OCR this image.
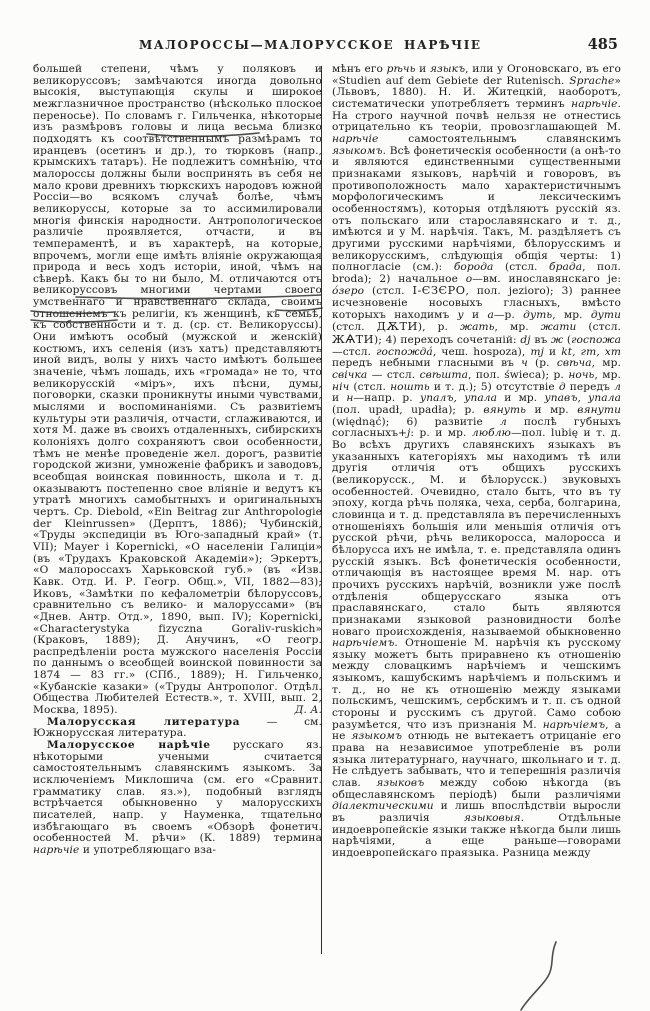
МАЛОРОССЫ—МАЛОРУССКОЕ НАРѢЧІЕ	485

большей степени, чѣмъ у поляковъ и великоруссовъ; замѣчаются иногда довольно высокія, выступающія скулы и широкое межглазничное пространство (нѣсколько плоское переносье). По словамъ г. Гильченка, нѣкоторые изъ размѣровъ головы и лица весьма близко подходятъ къ соотвѣтственнымъ размѣрамъ то иранцевъ (осетинъ и др.), то тюрковъ (напр., крымскихъ татаръ). Не подлежитъ сомнѣнію, что малороссы должны были воспринять въ себя не мало крови древнихъ тюркскихъ народовъ южной Россіи—во всякомъ случаѣ болѣе, чѣмъ великоруссы, которые за то ассимилировали многія финскія народности. Антропологическое различіе проявляется, отчасти, и въ темпераментѣ, и въ характерѣ, на которые, впрочемъ, могли еще имѣть вліяніе окружающая природа и весь ходъ исторіи, иной, чѣмъ на сѣверѣ. Какъ бы то ни было, М. отличаются отъ великоруссовъ многими чертами своего умственнаго и нравственнаго склада, своимъ отношеніемъ къ религіи, къ женщинѣ, къ семьѣ, къ собственности и т. д. (ср. ст. Великоруссы). Они имѣютъ особый (мужской и женскій) костюмъ, ихъ селенія (изъ хатъ) представляютъ иной видъ, волы у нихъ часто имѣютъ большее значеніе, чѣмъ лошадь, ихъ «громада» не то, что великорусскій «міръ», ихъ пѣсни, думы, поговорки, сказки проникнуты иными чувствами, мыслями и воспоминаніями. Съ развитіемъ культуры эти различія, отчасти, сглаживаются, и хотя М. даже въ своихъ отдаленныхъ, сибирскихъ колоніяхъ долго сохраняютъ свои особенности, тѣмъ не менѣе проведеніе жел. дорогъ, развитіе городской жизни, умноженіе фабрикъ и заводовъ, всеобщая воинская повинность, школа и т. д. оказываютъ постепенно свое вліяніе и ведутъ къ утратѣ многихъ самобытныхъ и оригинальныхъ чертъ. Ср. Diebold, «Ein Beitrag zur Anthropologie der Kleinrussen» (Дерптъ, 1886); Чубинскій, «Труды экспедиціи въ Юго-западный край» (т. VII); Mayer i Kopernicki, «О населеніи Галиціи» (въ «Трудахъ Краковской Академіи»); Эркертъ, «О малороссахъ Харьковской губ.» (въ «Изв. Кавк. Отд. И. Р. Геогр. Общ.», VII, 1882—83); Иковъ, «Замѣтки по кефалометріи бѣлоруссовъ, сравнительно съ велико- и малоруссами» (въ «Днев. Антр. Отд.», 1890, вып. IV); Kopernicki, «Characterystyka fizyczna Goraliv-ruskich» (Краковъ, 1889); Д. Анучинъ, «О геогр. распредѣленіи роста мужского населенія Россіи по даннымъ о всеобщей воинской повинности за 1874 — 83 гг.» (СПб., 1889); Н. Гильченко, «Кубанскіе казаки» («Труды Антрополог. Отдѣл. Общества Любителей Естеств.», т. XVIII, вып. 2, Москва, 1895).	Д. А.

Малорусская литература — см. Южнорусская литература.

Малорусское нарѣчіе русскаго яз. нѣкоторыми учеными считается самостоятельнымъ славянскимъ языкомъ. За исключеніемъ Миклошича (см. его «Сравнит. грамматику слав. яз.»), подобный взглядъ встрѣчается обыкновенно у малорусскихъ писателей, напр. у Науменка, тщательно избѣгающаго въ своемъ «Обзорѣ фонетич. особенностей М. рѣчи» (К. 1889) термина нарѣчіе и употребляющаго вза-

мѣнъ его рѣчь и языкъ, или у Огоновскаго, въ его «Studien auf dem Gebiete der Rutenisch. Sprache» (Львовъ, 1880). Н. И. Житецкій, наоборотъ, систематически употребляетъ терминъ нарѣчіе. На строго научной почвѣ нельзя не отнестись отрицательно къ теоріи, провозглашающей М. нарѣчіе самостоятельнымъ славянскимъ языкомъ. Всѣ фонетическія особенности (а онѣ-то и являются единственными существенными признаками языковъ, нарѣчій и говоровъ, въ противоположность мало характеристичнымъ морфологическимъ и лексическимъ особенностямъ), которыя отдѣляютъ русскій яз. отъ польскаго или старославянскаго и т. д., имѣются и у М. нарѣчія. Такъ, М. раздѣляетъ съ другими русскими нарѣчіями, бѣлорусскимъ и великорусскимъ, слѣдующія общія черты: 1) полногласіе (см.): борода (стсл. брада, пол. broda); 2) начальное о—вм. инославянскаго je: о́зеро (стсл. І-ЄЗЄРО, пол. jezioro); 3) раннее исчезновеніе носовыхъ гласныхъ, вмѣсто которыхъ находимъ у и а—р. дуть, мр. дути (стсл. ДѪТИ), р. жать, мр. жати (стсл. ЖѦТИ); 4) переходъ сочетаній: dj въ ж (госпожа—стсл. госпожда́, чеш. hospoza), тj и kt, гт, хт передъ небными гласными въ ч (р. свѣча, мр. свічка — стсл. свѣшта, пол. świeca); р. ночь, мр. ніч (стсл. ношть и т. д.); 5) отсутствіе д передъ л и н—напр. р. упалъ, упала и мр. упавъ, упала (пол. upadł, upadła); р. вянуть и мр. вянути (więdnąć); 6) развитіе л послѣ губныхъ согласныхъ+j: р. и мр. люблю—пол. lubię и т. д. Во всѣхъ другихъ славянскихъ языкахъ въ указанныхъ категоріяхъ мы находимъ тѣ или другія отличія отъ общихъ русскихъ (великорусск., М. и бѣлорусск.) звуковыхъ особенностей. Очевидно, стало быть, что въ ту эпоху, когда рѣчь поляка, чеха, серба, болгарина, словинца и т. д. представляла въ перечисленныхъ отношеніяхъ большія или меньшія отличія отъ русской рѣчи, рѣчь великоросса, малоросса и бѣлорусса ихъ не имѣла, т. е. представляла одинъ русскій языкъ. Всѣ фонетическія особенности, отличающія въ настоящее время М. нар. отъ прочихъ русскихъ нарѣчій, возникли уже послѣ отдѣленія общерусскаго языка отъ праславянскаго, стало быть являются признаками языковой разновидности болѣе новаго происхожденія, называемой обыкновенно нарѣчіемъ. Отношеніе М. нарѣчія къ русскому языку можетъ быть приравнено къ отношенію между словацкимъ нарѣчіемъ и чешскимъ языкомъ, кашубскимъ нарѣчіемъ и польскимъ и т. д., но не къ отношенію между языками польскимъ, чешскимъ, сербскимъ и т. п. съ одной стороны и русскимъ съ другой. Само собою разумѣется, что изъ признанія М. нарѣчіемъ, а не языкомъ отнюдь не вытекаетъ отрицаніе его права на независимое употребленіе въ роли языка литературнаго, научнаго, школьнаго и т. д. Не слѣдуетъ забывать, что и теперешнія различія слав. языковъ между собою нѣкогда (въ общеславянскомъ періодѣ) были различіями діалектическими и лишь впослѣдствіи выросли въ различія языковыя. Отдѣльные индоевропейскіе языки также нѣкогда были лишь нарѣчіями, а еще раньше—говорами индоевропейскаго праязыка. Разница между
